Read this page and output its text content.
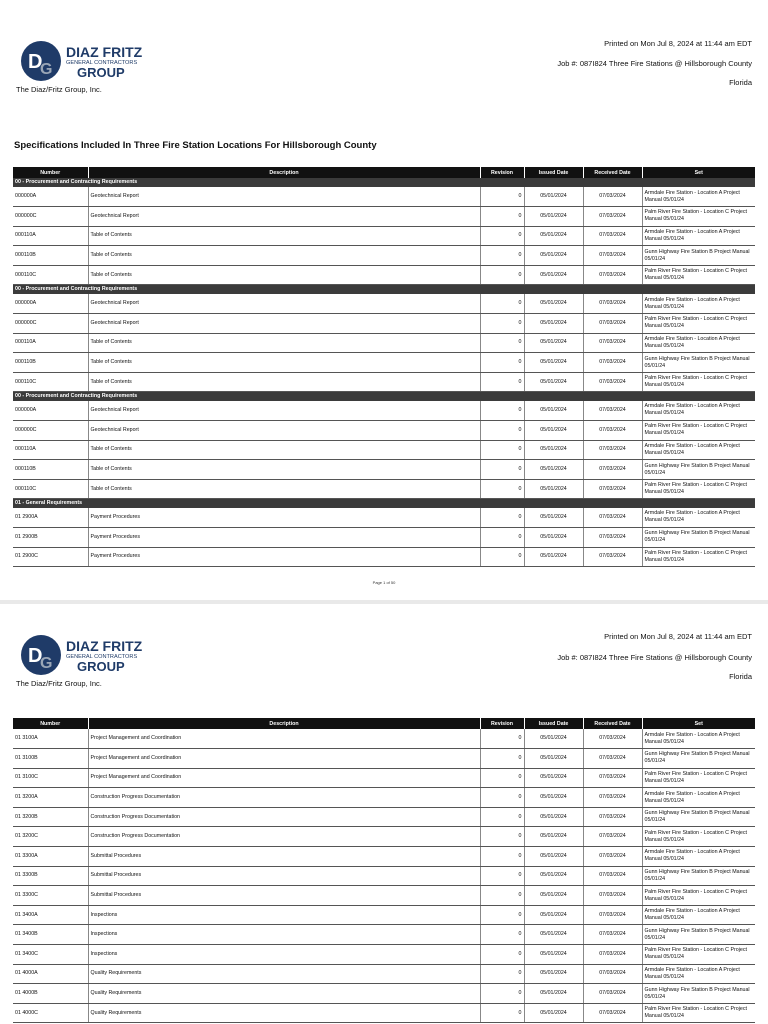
D
G
DIAZ FRITZ
GENERAL CONTRACTORS
GROUP
The Diaz/Fritz Group, Inc.
Printed on Mon Jul 8, 2024 at 11:44 am EDT
Job #: 087I824 Three Fire Stations @ Hillsborough County
Florida
Specifications Included In Three Fire Station Locations For Hillsborough County
Number	Description	Revision	Issued Date	Received Date	Set
00 - Procurement and Contracting Requirements					
000000A	Geotechnical Report	0	05/01/2024	07/03/2024	Armdale Fire Station - Location A Project Manual 05/01/24
000000C	Geotechnical Report	0	05/01/2024	07/03/2024	Palm River Fire Station - Location C Project Manual 05/01/24
000110A	Table of Contents	0	05/01/2024	07/03/2024	Armdale Fire Station - Location A Project Manual 05/01/24
000110B	Table of Contents	0	05/01/2024	07/03/2024	Gunn Highway Fire Station B Project Manual 05/01/24
000110C	Table of Contents	0	05/01/2024	07/03/2024	Palm River Fire Station - Location C Project Manual 05/01/24
00 - Procurement and Contracting Requirements					
000000A	Geotechnical Report	0	05/01/2024	07/03/2024	Armdale Fire Station - Location A Project Manual 05/01/24
000000C	Geotechnical Report	0	05/01/2024	07/03/2024	Palm River Fire Station - Location C Project Manual 05/01/24
000110A	Table of Contents	0	05/01/2024	07/03/2024	Armdale Fire Station - Location A Project Manual 05/01/24
000110B	Table of Contents	0	05/01/2024	07/03/2024	Gunn Highway Fire Station B Project Manual 05/01/24
000110C	Table of Contents	0	05/01/2024	07/03/2024	Palm River Fire Station - Location C Project Manual 05/01/24
00 - Procurement and Contracting Requirements					
000000A	Geotechnical Report	0	05/01/2024	07/03/2024	Armdale Fire Station - Location A Project Manual 05/01/24
000000C	Geotechnical Report	0	05/01/2024	07/03/2024	Palm River Fire Station - Location C Project Manual 05/01/24
000110A	Table of Contents	0	05/01/2024	07/03/2024	Armdale Fire Station - Location A Project Manual 05/01/24
000110B	Table of Contents	0	05/01/2024	07/03/2024	Gunn Highway Fire Station B Project Manual 05/01/24
000110C	Table of Contents	0	05/01/2024	07/03/2024	Palm River Fire Station - Location C Project Manual 05/01/24
01 - General Requirements					
01 2900A	Payment Procedures	0	05/01/2024	07/03/2024	Armdale Fire Station - Location A Project Manual 05/01/24
01 2900B	Payment Procedures	0	05/01/2024	07/03/2024	Gunn Highway Fire Station B Project Manual 05/01/24
01 2900C	Payment Procedures	0	05/01/2024	07/03/2024	Palm River Fire Station - Location C Project Manual 05/01/24
Page 1 of 50
D
G
DIAZ FRITZ
GENERAL CONTRACTORS
GROUP
The Diaz/Fritz Group, Inc.
Printed on Mon Jul 8, 2024 at 11:44 am EDT
Job #: 087I824 Three Fire Stations @ Hillsborough County
Florida
Number	Description	Revision	Issued Date	Received Date	Set
01 3100A	Project Management and Coordination	0	05/01/2024	07/03/2024	Armdale Fire Station - Location A Project Manual 05/01/24
01 3100B	Project Management and Coordination	0	05/01/2024	07/03/2024	Gunn Highway Fire Station B Project Manual 05/01/24
01 3100C	Project Management and Coordination	0	05/01/2024	07/03/2024	Palm River Fire Station - Location C Project Manual 05/01/24
01 3200A	Construction Progress Documentation	0	05/01/2024	07/03/2024	Armdale Fire Station - Location A Project Manual 05/01/24
01 3200B	Construction Progress Documentation	0	05/01/2024	07/03/2024	Gunn Highway Fire Station B Project Manual 05/01/24
01 3200C	Construction Progress Documentation	0	05/01/2024	07/03/2024	Palm River Fire Station - Location C Project Manual 05/01/24
01 3300A	Submittal Procedures	0	05/01/2024	07/03/2024	Armdale Fire Station - Location A Project Manual 05/01/24
01 3300B	Submittal Procedures	0	05/01/2024	07/03/2024	Gunn Highway Fire Station B Project Manual 05/01/24
01 3300C	Submittal Procedures	0	05/01/2024	07/03/2024	Palm River Fire Station - Location C Project Manual 05/01/24
01 3400A	Inspections	0	05/01/2024	07/03/2024	Armdale Fire Station - Location A Project Manual 05/01/24
01 3400B	Inspections	0	05/01/2024	07/03/2024	Gunn Highway Fire Station B Project Manual 05/01/24
01 3400C	Inspections	0	05/01/2024	07/03/2024	Palm River Fire Station - Location C Project Manual 05/01/24
01 4000A	Quality Requirements	0	05/01/2024	07/03/2024	Armdale Fire Station - Location A Project Manual 05/01/24
01 4000B	Quality Requirements	0	05/01/2024	07/03/2024	Gunn Highway Fire Station B Project Manual 05/01/24
01 4000C	Quality Requirements	0	05/01/2024	07/03/2024	Palm River Fire Station - Location C Project Manual 05/01/24
